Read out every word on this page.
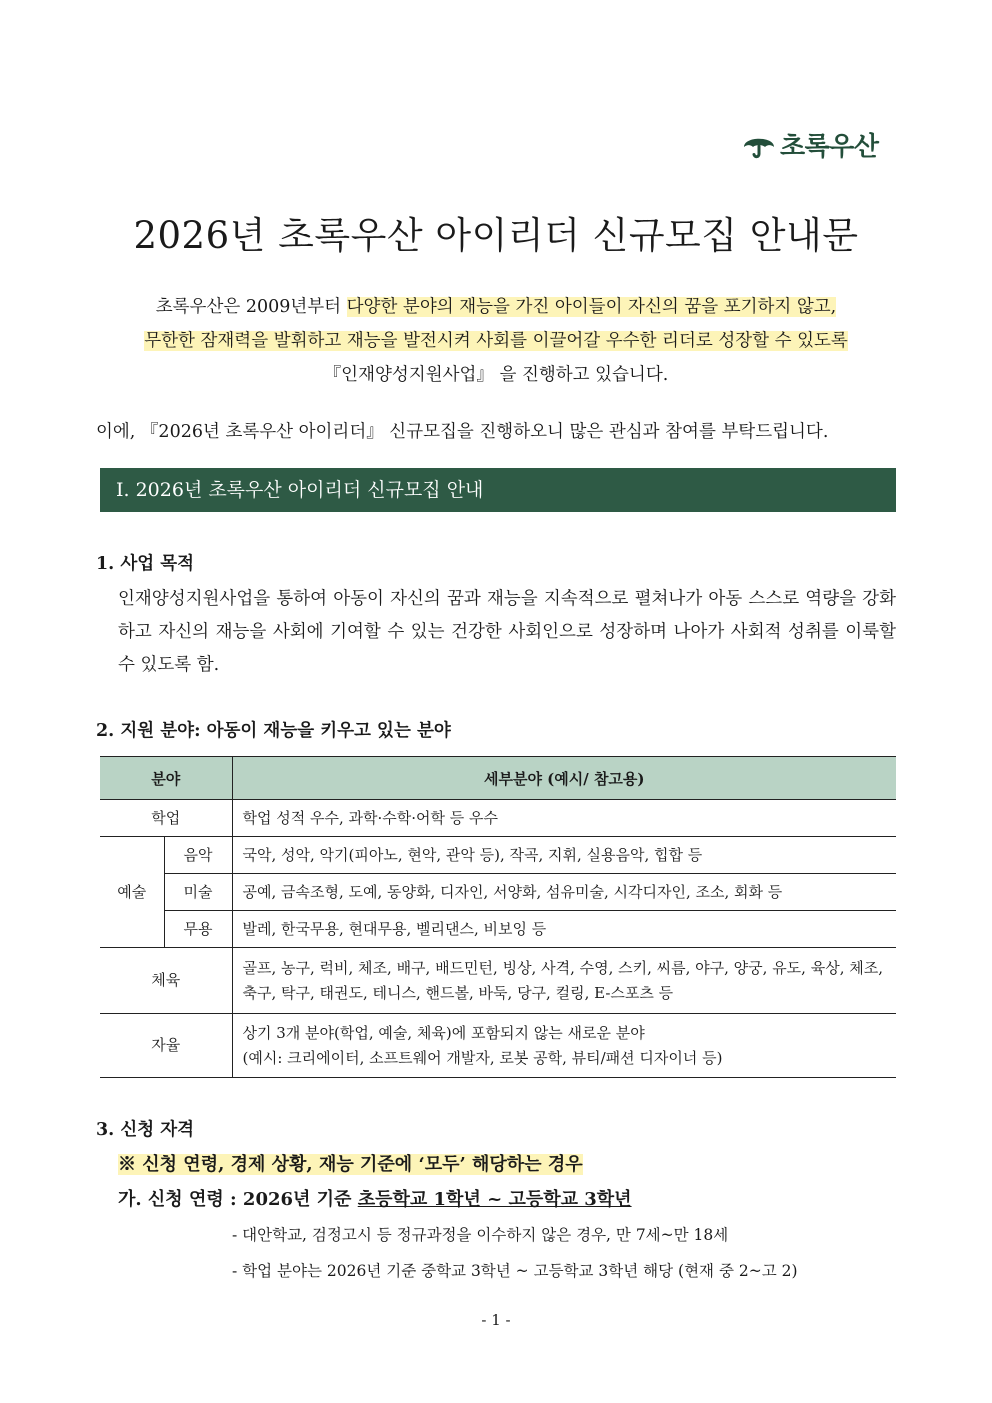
초록우산
2026년 초록우산 아이리더 신규모집 안내문
초록우산은 2009년부터 다양한 분야의 재능을 가진 아이들이 자신의 꿈을 포기하지 않고,
무한한 잠재력을 발휘하고 재능을 발전시켜 사회를 이끌어갈 우수한 리더로 성장할 수 있도록
『인재양성지원사업』 을 진행하고 있습니다.
이에, 『2026년 초록우산 아이리더』 신규모집을 진행하오니 많은 관심과 참여를 부탁드립니다.
Ⅰ. 2026년 초록우산 아이리더 신규모집 안내
1. 사업 목적
인재양성지원사업을 통하여 아동이 자신의 꿈과 재능을 지속적으로 펼쳐나가 아동 스스로 역량을 강화하고 자신의 재능을 사회에 기여할 수 있는 건강한 사회인으로 성장하며 나아가 사회적 성취를 이룩할 수 있도록 함.
2. 지원 분야: 아동이 재능을 키우고 있는 분야
분야		세부분야 (예시/ 참고용)
학업		학업 성적 우수, 과학·수학·어학 등 우수
예술	음악	국악, 성악, 악기(피아노, 현악, 관악 등), 작곡, 지휘, 실용음악, 힙합 등
	미술	공예, 금속조형, 도예, 동양화, 디자인, 서양화, 섬유미술, 시각디자인, 조소, 회화 등
	무용	발레, 한국무용, 현대무용, 벨리댄스, 비보잉 등
체육		골프, 농구, 럭비, 체조, 배구, 배드민턴, 빙상, 사격, 수영, 스키, 씨름, 야구, 양궁, 유도, 육상, 체조, 축구, 탁구, 태권도, 테니스, 핸드볼, 바둑, 당구, 컬링, E-스포츠 등
자율		상기 3개 분야(학업, 예술, 체육)에 포함되지 않는 새로운 분야
(예시: 크리에이터, 소프트웨어 개발자, 로봇 공학, 뷰티/패션 디자이너 등)
3. 신청 자격
※ 신청 연령, 경제 상황, 재능 기준에 ‘모두’ 해당하는 경우
가. 신청 연령 : 2026년 기준 초등학교 1학년 ~ 고등학교 3학년
- 대안학교, 검정고시 등 정규과정을 이수하지 않은 경우, 만 7세~만 18세
- 학업 분야는 2026년 기준 중학교 3학년 ~ 고등학교 3학년 해당 (현재 중 2~고 2)
- 1 -
